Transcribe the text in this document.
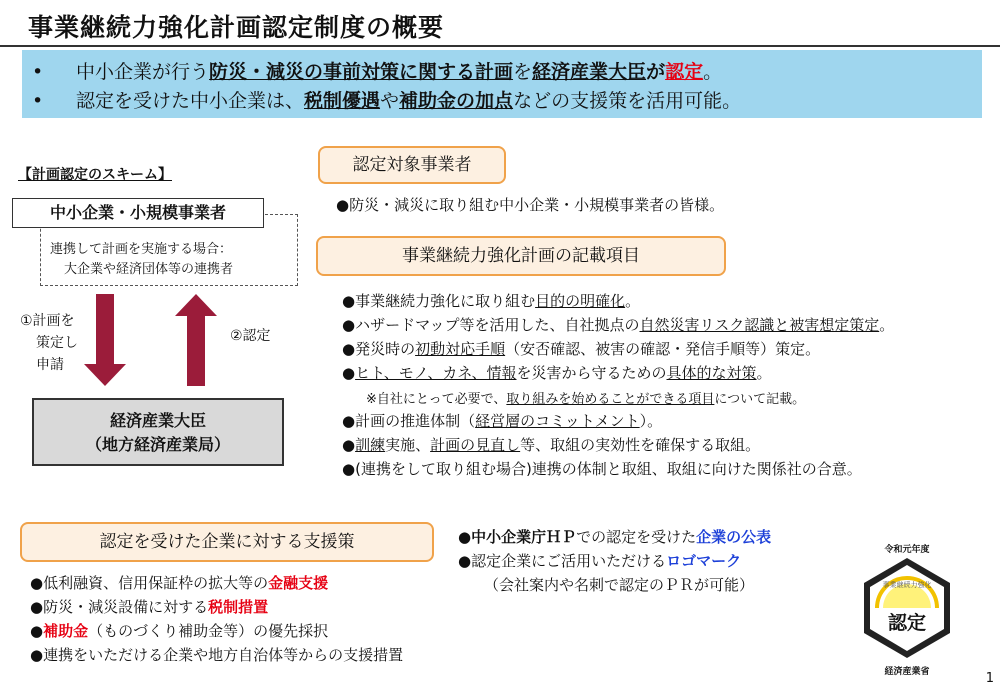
事業継続力強化計画認定制度の概要
• 中小企業が行う防災・減災の事前対策に関する計画を経済産業大臣が認定。
• 認定を受けた中小企業は、税制優遇や補助金の加点などの支援策を活用可能。
【計画認定のスキーム】
中小企業・小規模事業者
連携して計画を実施する場合：
大企業や経済団体等の連携者
①計画を
策定し
申請
②認定
経済産業大臣
（地方経済産業局）
認定対象事業者
●防災・減災に取り組む中小企業・小規模事業者の皆様。
事業継続力強化計画の記載項目
●事業継続力強化に取り組む目的の明確化。
●ハザードマップ等を活用した、自社拠点の自然災害リスク認識と被害想定策定。
●発災時の初動対応手順（安否確認、被害の確認・発信手順等）策定。
●ヒト、モノ、カネ、情報を災害から守るための具体的な対策。
※自社にとって必要で、取り組みを始めることができる項目について記載。
●計画の推進体制（経営層のコミットメント）。
●訓練実施、計画の見直し等、取組の実効性を確保する取組。
●(連携をして取り組む場合)連携の体制と取組、取組に向けた関係社の合意。
認定を受けた企業に対する支援策
●低利融資、信用保証枠の拡大等の金融支援
●防災・減災設備に対する税制措置
●補助金（ものづくり補助金等）の優先採択
●連携をいただける企業や地方自治体等からの支援措置
●中小企業庁ＨＰでの認定を受けた企業の公表
●認定企業にご活用いただけるロゴマーク
（会社案内や名刺で認定のＰＲが可能）
令和元年度
事業継続力強化
認定
経済産業省	1
